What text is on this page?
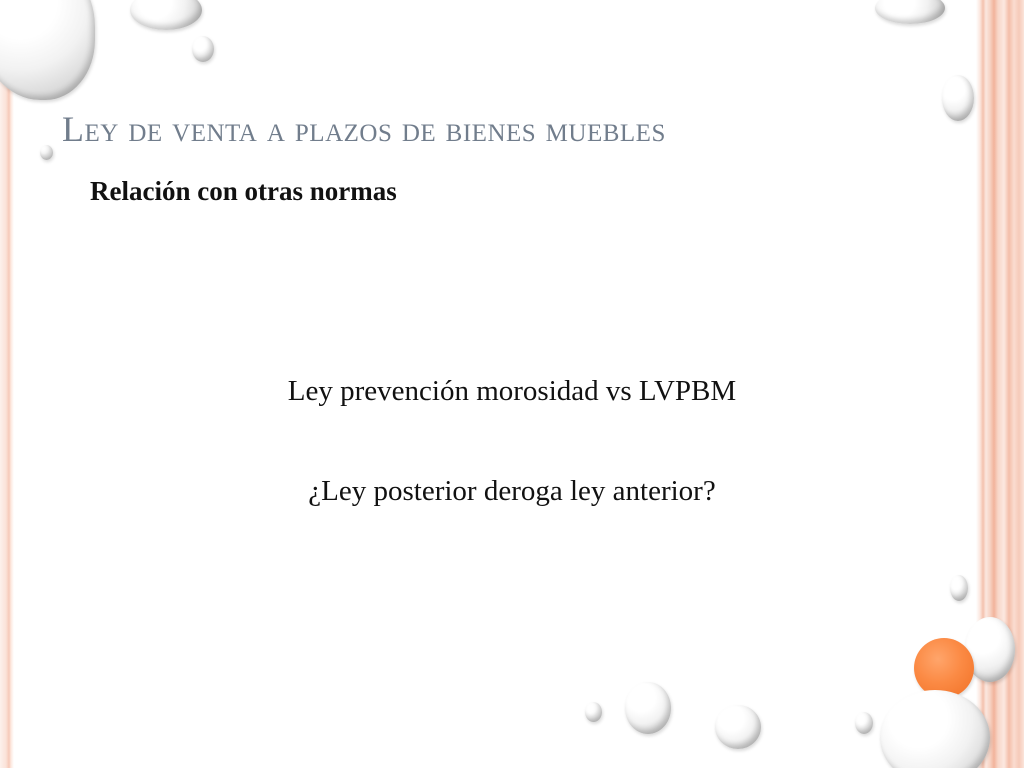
Ley de venta a plazos de bienes muebles
Relación con otras normas

Ley prevención morosidad vs LVPBM

¿Ley posterior deroga ley anterior?
